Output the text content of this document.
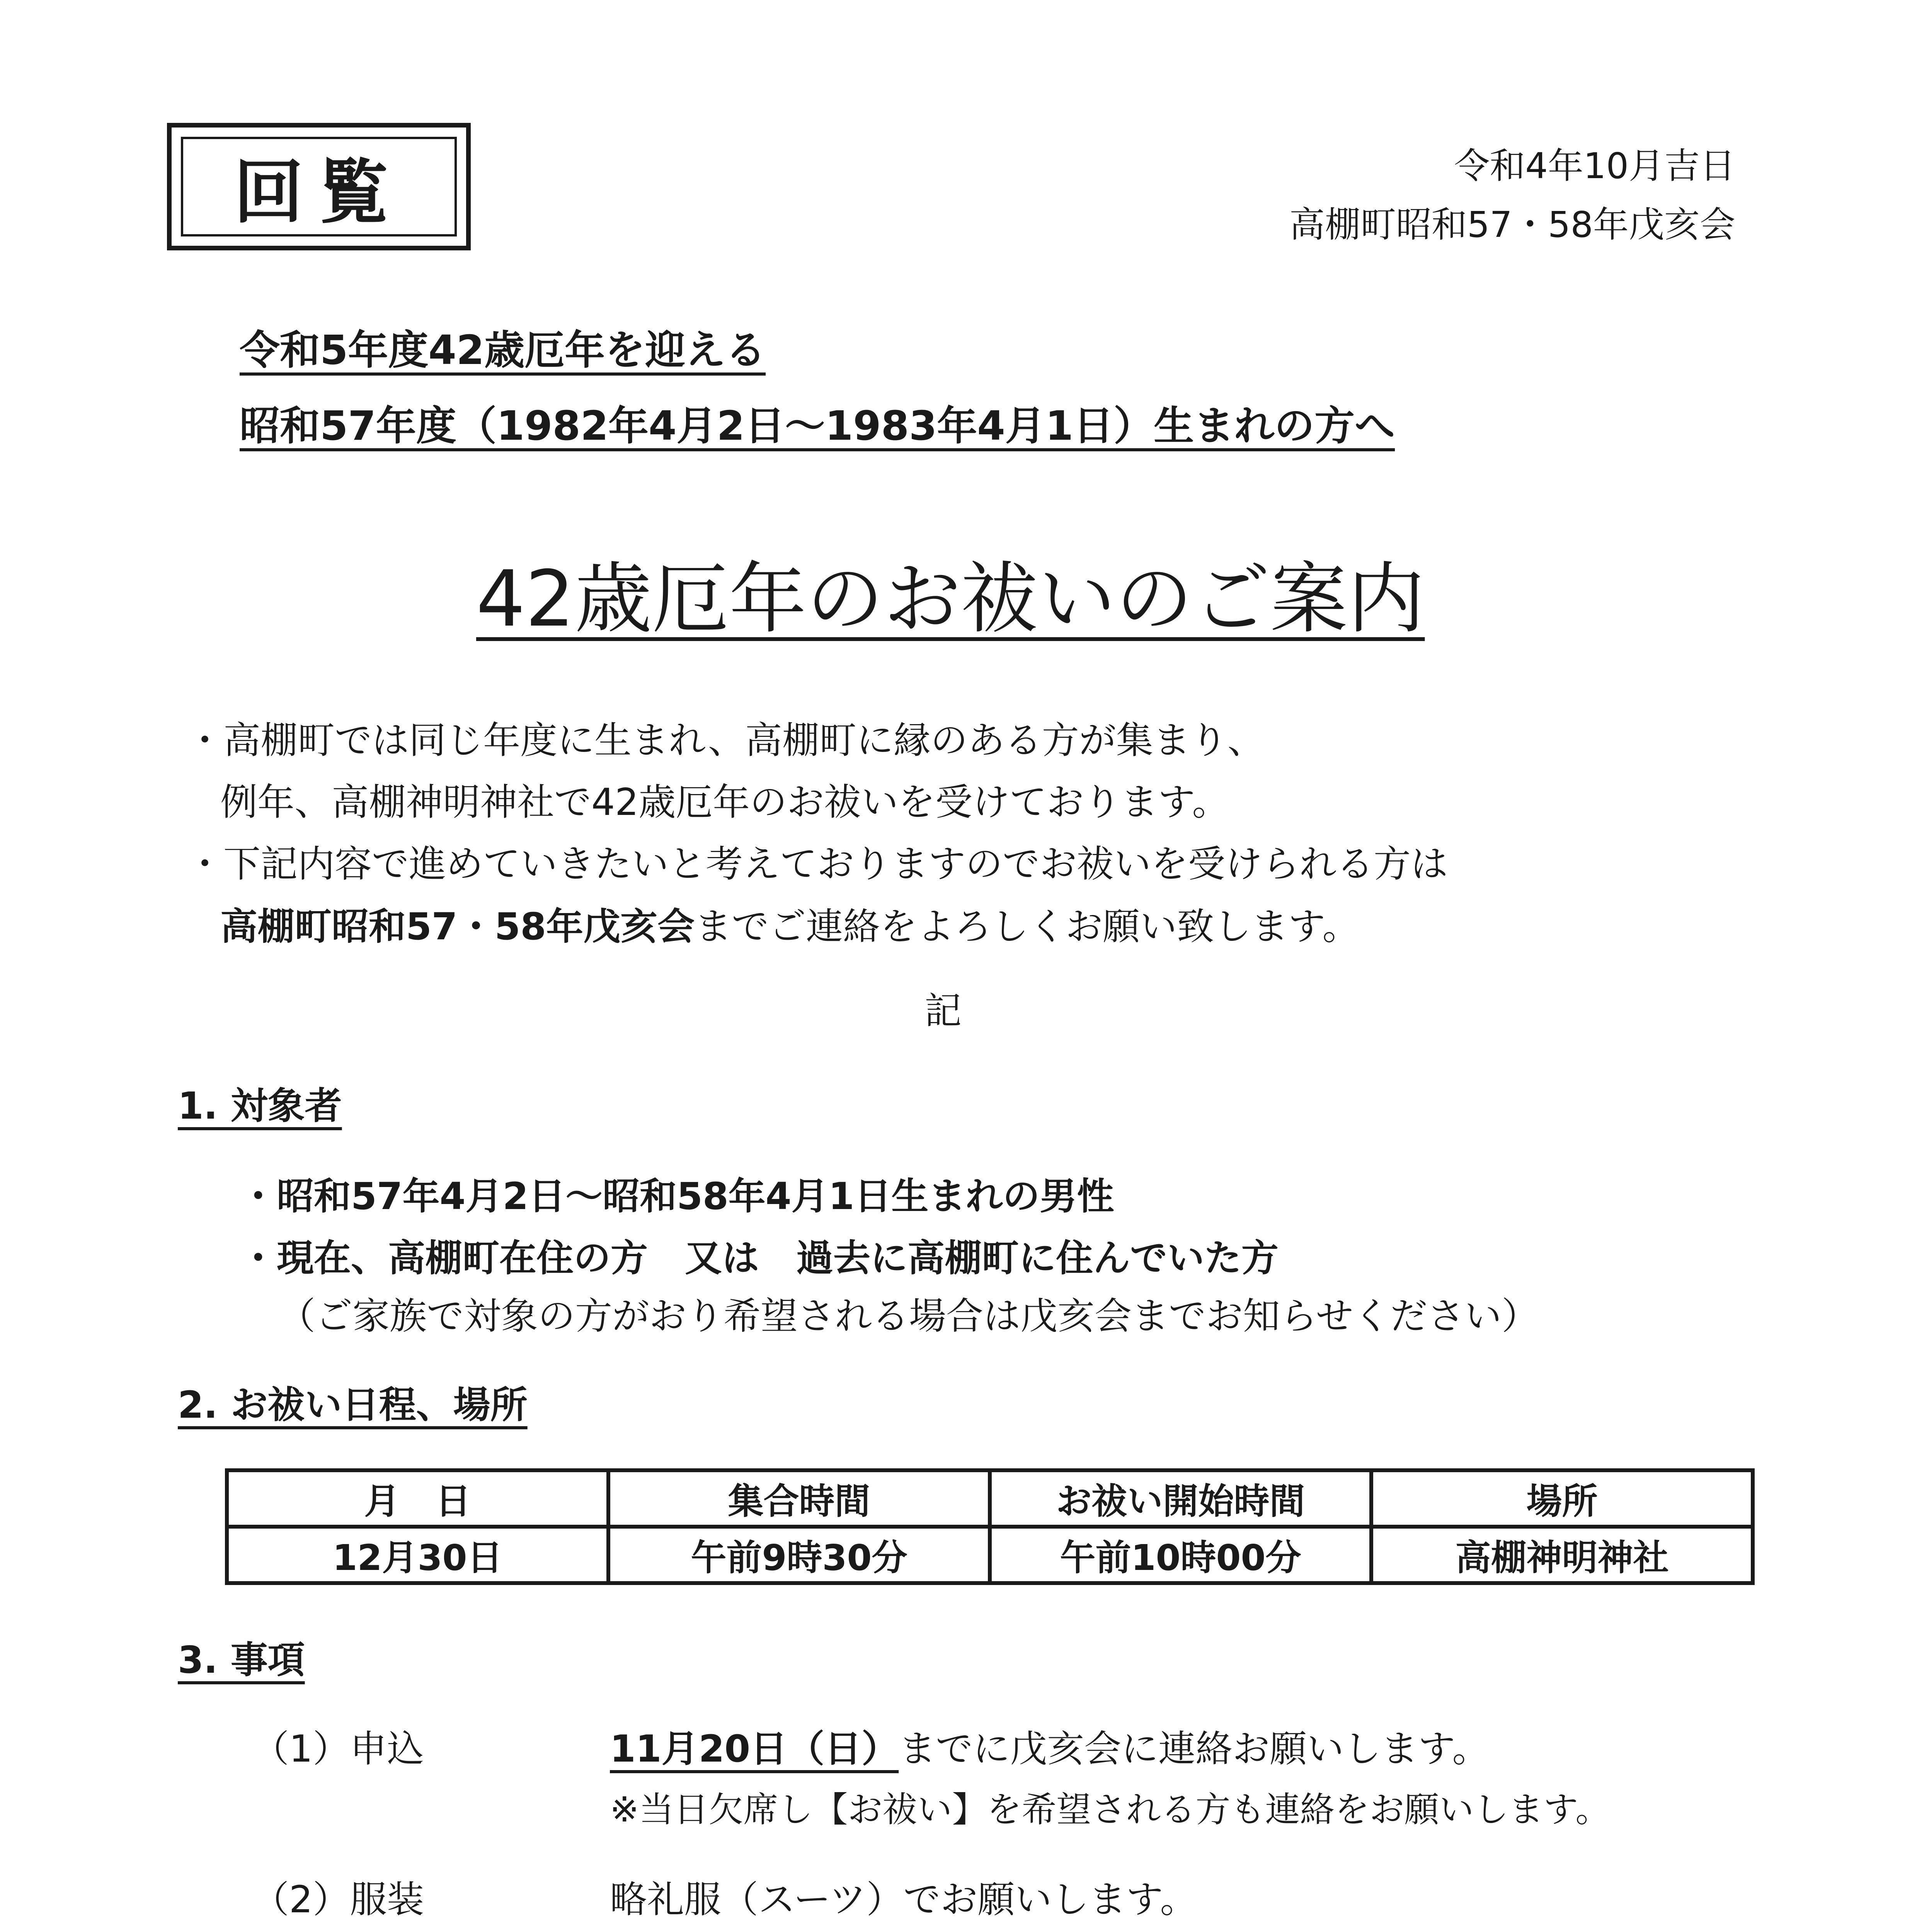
回覧	令和4年10月吉日
高棚町昭和57・58年戊亥会
令和5年度42歳厄年を迎える
昭和57年度（1982年4月2日～1983年4月1日）生まれの方へ
42歳厄年のお祓いのご案内
・高棚町では同じ年度に生まれ、高棚町に縁のある方が集まり、
例年、高棚神明神社で42歳厄年のお祓いを受けております。
・下記内容で進めていきたいと考えておりますのでお祓いを受けられる方は
高棚町昭和57・58年戊亥会までご連絡をよろしくお願い致します。
記
1. 対象者
・昭和57年4月2日～昭和58年4月1日生まれの男性
・現在、高棚町在住の方　又は　過去に高棚町に住んでいた方
（ご家族で対象の方がおり希望される場合は戊亥会までお知らせください）
2. お祓い日程、場所
月　日	集合時間	お祓い開始時間	場所
12月30日	午前9時30分	午前10時00分	高棚神明神社
3. 事項
（1）申込	11月20日（日）までに戊亥会に連絡お願いします。
※当日欠席し【お祓い】を希望される方も連絡をお願いします。
（2）服装	略礼服（スーツ）でお願いします。
